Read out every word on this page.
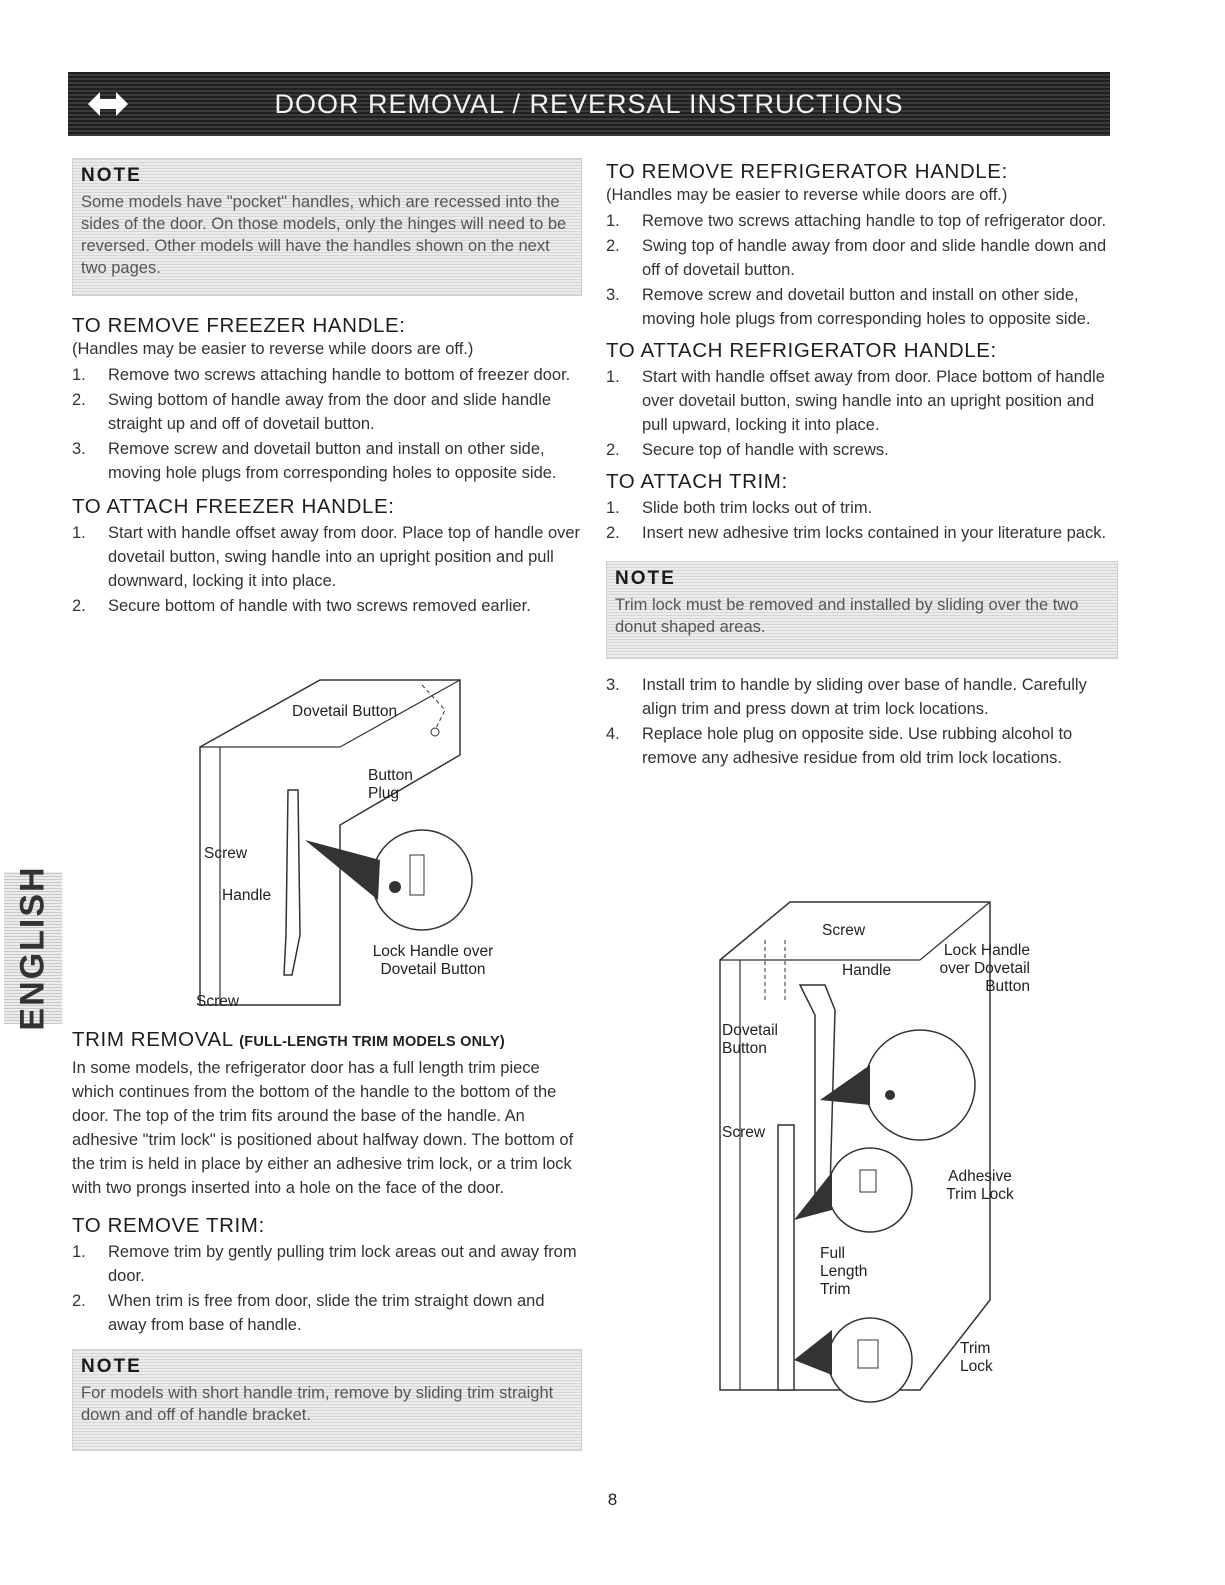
DOOR REMOVAL / REVERSAL INSTRUCTIONS
ENGLISH
NOTE
Some models have "pocket" handles, which are recessed into the sides of the door. On those models, only the hinges will need to be reversed. Other models will have the handles shown on the next two pages.
TO REMOVE FREEZER HANDLE:
(Handles may be easier to reverse while doors are off.)
1. Remove two screws attaching handle to bottom of freezer door.
2. Swing bottom of handle away from the door and slide handle straight up and off of dovetail button.
3. Remove screw and dovetail button and install on other side, moving hole plugs from corresponding holes to opposite side.
TO ATTACH FREEZER HANDLE:
1. Start with handle offset away from door. Place top of handle over dovetail button, swing handle into an upright position and pull downward, locking it into place.
2. Secure bottom of handle with two screws removed earlier.
Dovetail Button
Button Plug
Screw
Handle
Lock Handle over Dovetail Button
Screw
TRIM REMOVAL (FULL-LENGTH TRIM MODELS ONLY)

In some models, the refrigerator door has a full length trim piece which continues from the bottom of the handle to the bottom of the door. The top of the trim fits around the base of the handle. An adhesive "trim lock" is positioned about halfway down. The bottom of the trim is held in place by either an adhesive trim lock, or a trim lock with two prongs inserted into a hole on the face of the door.

TO REMOVE TRIM:
1. Remove trim by gently pulling trim lock areas out and away from door.
2. When trim is free from door, slide the trim straight down and away from base of handle.
NOTE
For models with short handle trim, remove by sliding trim straight down and off of handle bracket.
TO REMOVE REFRIGERATOR HANDLE:
(Handles may be easier to reverse while doors are off.)
1. Remove two screws attaching handle to top of refrigerator door.
2. Swing top of handle away from door and slide handle down and off of dovetail button.
3. Remove screw and dovetail button and install on other side, moving hole plugs from corresponding holes to opposite side.
TO ATTACH REFRIGERATOR HANDLE:
1. Start with handle offset away from door. Place bottom of handle over dovetail button, swing handle into an upright position and pull upward, locking it into place.
2. Secure top of handle with screws.
TO ATTACH TRIM:
1. Slide both trim locks out of trim.
2. Insert new adhesive trim locks contained in your literature pack.
NOTE
Trim lock must be removed and installed by sliding over the two donut shaped areas.
3. Install trim to handle by sliding over base of handle. Carefully align trim and press down at trim lock locations.
4. Replace hole plug on opposite side. Use rubbing alcohol to remove any adhesive residue from old trim lock locations.
Screw
Handle
Lock Handle over Dovetail Button
Dovetail Button
Screw
Adhesive Trim Lock
Full Length Trim
Trim Lock
8
